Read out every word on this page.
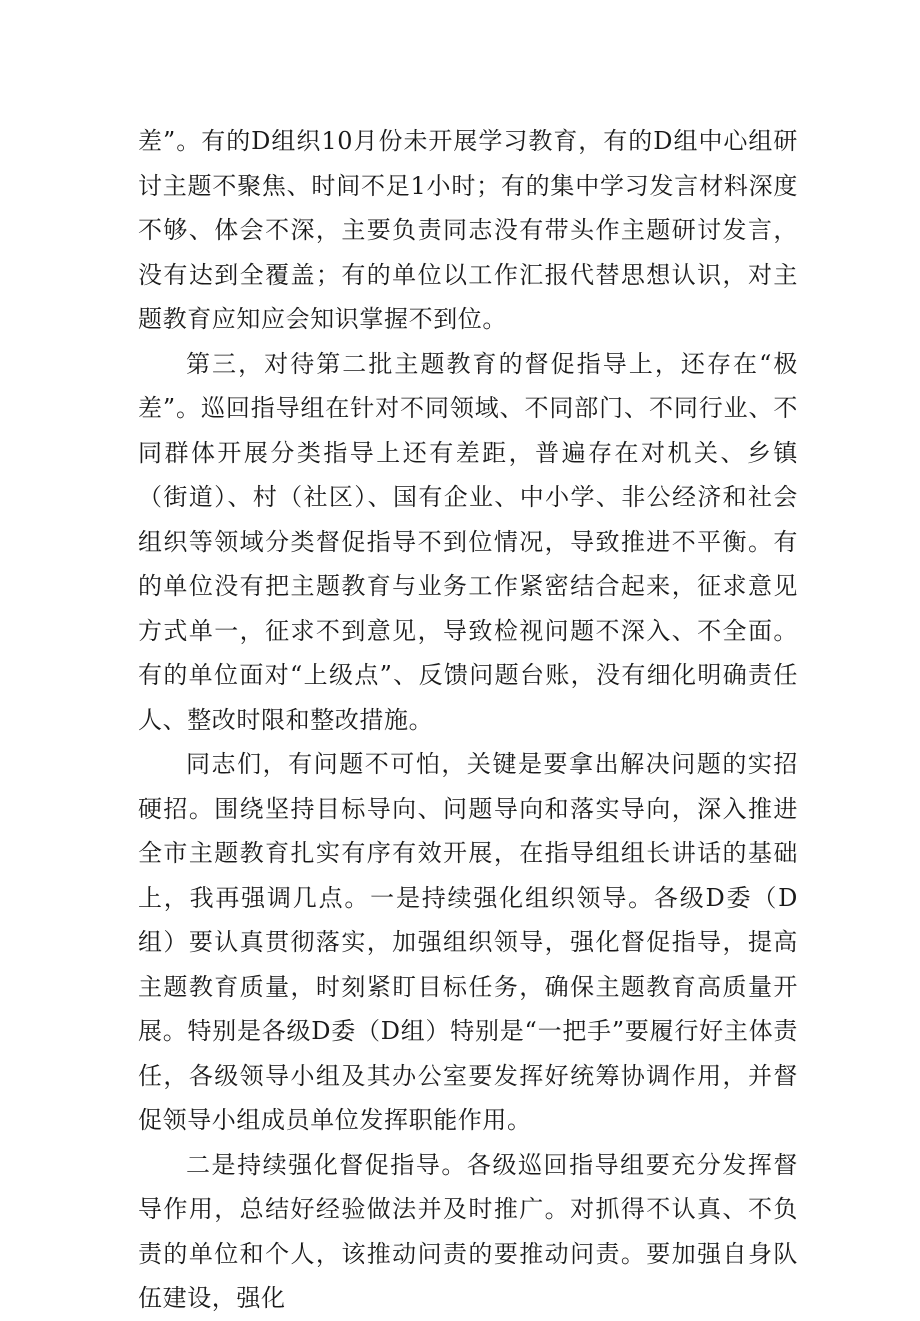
差”。有的D组织10月份未开展学习教育，有的D组中心组研讨主题不聚焦、时间不足1小时；有的集中学习发言材料深度不够、体会不深，主要负责同志没有带头作主题研讨发言，没有达到全覆盖；有的单位以工作汇报代替思想认识，对主题教育应知应会知识掌握不到位。

第三，对待第二批主题教育的督促指导上，还存在“极差”。巡回指导组在针对不同领域、不同部门、不同行业、不同群体开展分类指导上还有差距，普遍存在对机关、乡镇（街道）、村（社区）、国有企业、中小学、非公经济和社会组织等领域分类督促指导不到位情况，导致推进不平衡。有的单位没有把主题教育与业务工作紧密结合起来，征求意见方式单一，征求不到意见，导致检视问题不深入、不全面。有的单位面对“上级点”、反馈问题台账，没有细化明确责任人、整改时限和整改措施。

同志们，有问题不可怕，关键是要拿出解决问题的实招硬招。围绕坚持目标导向、问题导向和落实导向，深入推进全市主题教育扎实有序有效开展，在指导组组长讲话的基础上，我再强调几点。一是持续强化组织领导。各级D委（D组）要认真贯彻落实，加强组织领导，强化督促指导，提高主题教育质量，时刻紧盯目标任务，确保主题教育高质量开展。特别是各级D委（D组）特别是“一把手”要履行好主体责任，各级领导小组及其办公室要发挥好统筹协调作用，并督促领导小组成员单位发挥职能作用。

二是持续强化督促指导。各级巡回指导组要充分发挥督导作用，总结好经验做法并及时推广。对抓得不认真、不负责的单位和个人，该推动问责的要推动问责。要加强自身队伍建设，强化
